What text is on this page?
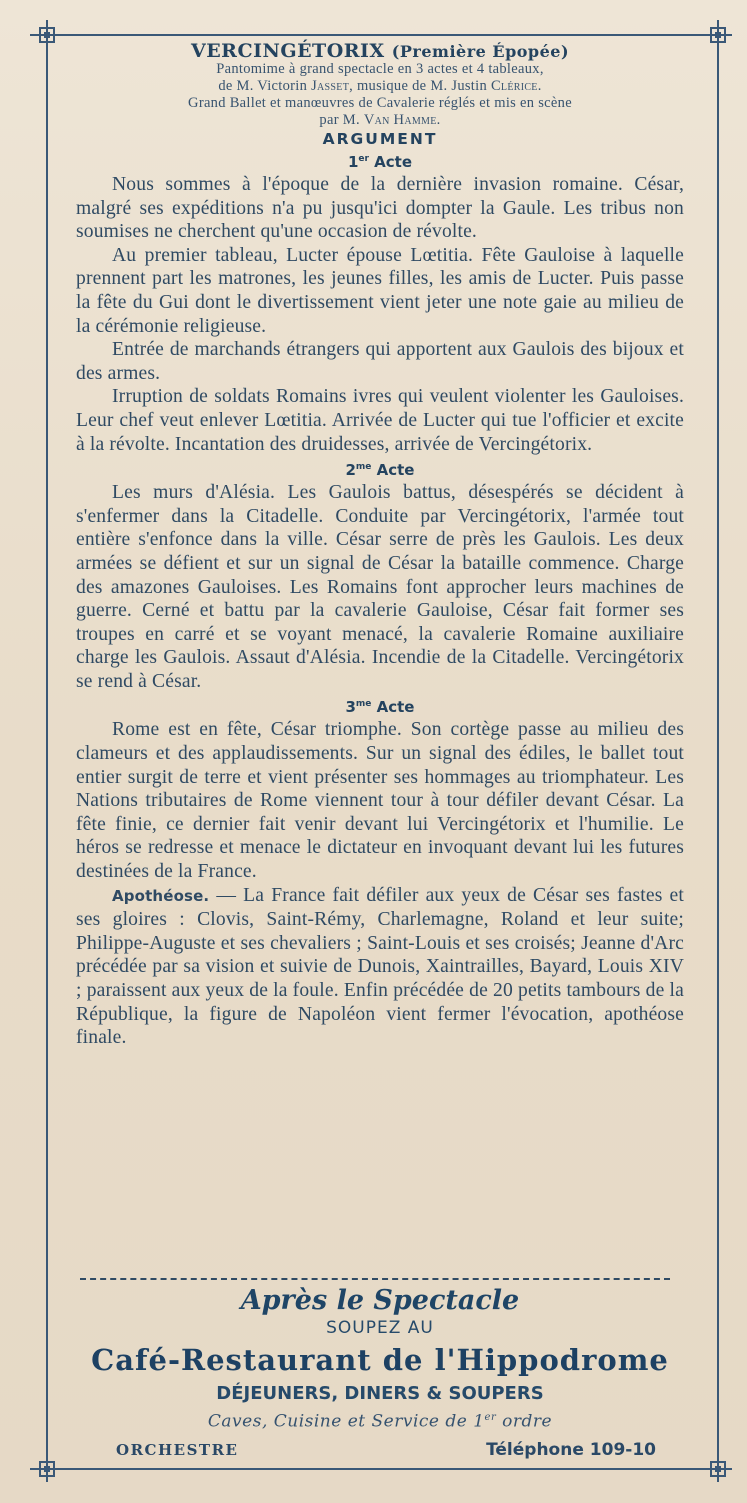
VERCINGÉTORIX (Première Épopée)
Pantomime à grand spectacle en 3 actes et 4 tableaux,
de M. Victorin Jasset, musique de M. Justin Clérice.
Grand Ballet et manœuvres de Cavalerie réglés et mis en scène
par M. Van Hamme.
ARGUMENT
1er Acte

Nous sommes à l'époque de la dernière invasion romaine. César, malgré ses expéditions n'a pu jusqu'ici dompter la Gaule. Les tribus non soumises ne cherchent qu'une occasion de révolte.

Au premier tableau, Lucter épouse Lœtitia. Fête Gauloise à laquelle prennent part les matrones, les jeunes filles, les amis de Lucter. Puis passe la fête du Gui dont le divertissement vient jeter une note gaie au milieu de la cérémonie religieuse.

Entrée de marchands étrangers qui apportent aux Gaulois des bijoux et des armes.

Irruption de soldats Romains ivres qui veulent violenter les Gauloises. Leur chef veut enlever Lœtitia. Arrivée de Lucter qui tue l'officier et excite à la révolte. Incantation des druidesses, arrivée de Vercingétorix.

$2^{me}$ Acte

Les murs d'Alésia. Les Gaulois battus, désespérés se décident à s'enfermer dans la Citadelle. Conduite par Vercingétorix, l'armée tout entière s'enfonce dans la ville. César serre de près les Gaulois. Les deux armées se défient et sur un signal de César la bataille commence. Charge des amazones Gauloises. Les Romains font approcher leurs machines de guerre. Cerné et battu par la cavalerie Gauloise, César fait former ses troupes en carré et se voyant menacé, la cavalerie Romaine auxiliaire charge les Gaulois. Assaut d'Alésia. Incendie de la Citadelle. Vercingétorix se rend à César.

$3^{me}$ Acte

Rome est en fête, César triomphe. Son cortège passe au milieu des clameurs et des applaudissements. Sur un signal des édiles, le ballet tout entier surgit de terre et vient présenter ses hommages au triomphateur. Les Nations tributaires de Rome viennent tour à tour défiler devant César. La fête finie, ce dernier fait venir devant lui Vercingétorix et l'humilie. Le héros se redresse et menace le dictateur en invoquant devant lui les futures destinées de la France.

Apothéose. — La France fait défiler aux yeux de César ses fastes et ses gloires : Clovis, Saint-Rémy, Charlemagne, Roland et leur suite; Philippe-Auguste et ses chevaliers ; Saint-Louis et ses croisés; Jeanne d'Arc précédée par sa vision et suivie de Dunois, Xaintrailles, Bayard, Louis XIV ; paraissent aux yeux de la foule. Enfin précédée de 20 petits tambours de la République, la figure de Napoléon vient fermer l'évocation, apothéose finale.

Après le Spectacle
SOUPEZ AU
Café-Restaurant de l'Hippodrome
DÉJEUNERS, DINERS & SOUPERS
Caves, Cuisine et Service de 1er ordre
ORCHESTRE	Téléphone 109-10
